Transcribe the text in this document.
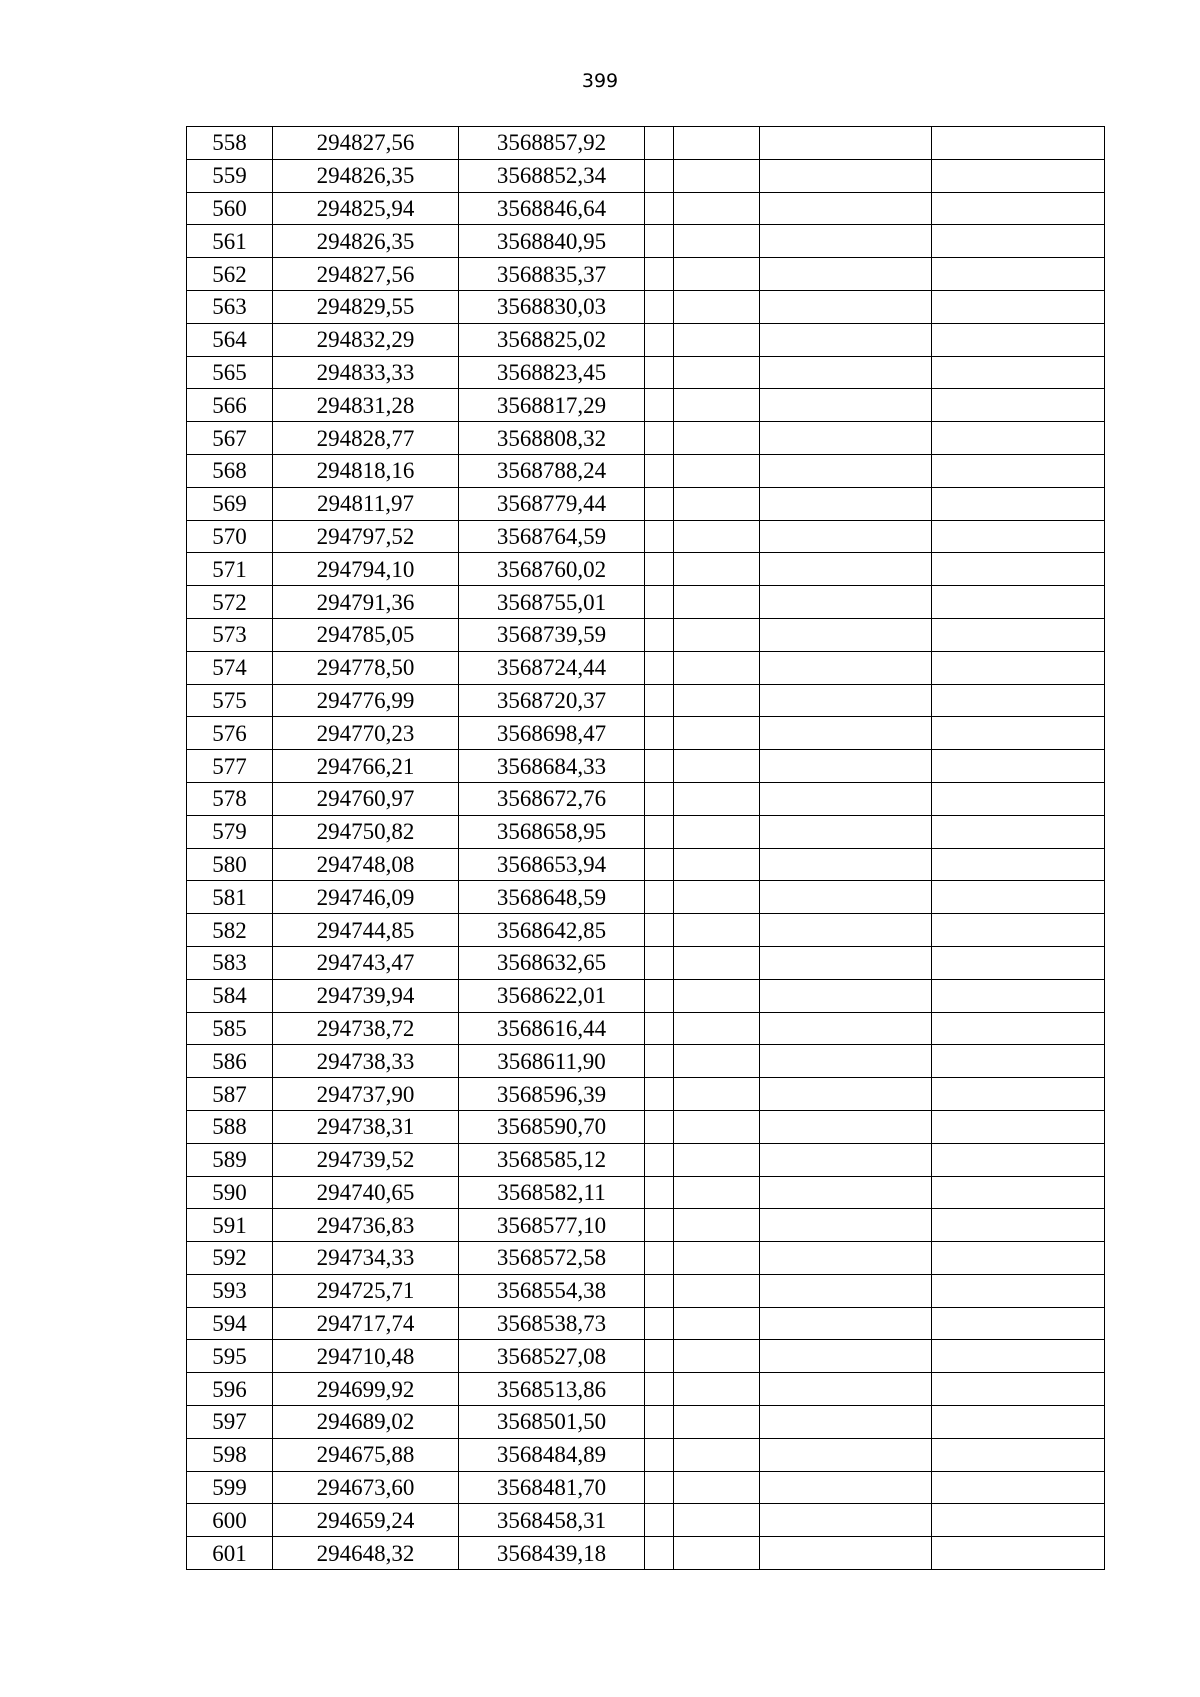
399
558	294827,56	3568857,92				
559	294826,35	3568852,34				
560	294825,94	3568846,64				
561	294826,35	3568840,95				
562	294827,56	3568835,37				
563	294829,55	3568830,03				
564	294832,29	3568825,02				
565	294833,33	3568823,45				
566	294831,28	3568817,29				
567	294828,77	3568808,32				
568	294818,16	3568788,24				
569	294811,97	3568779,44				
570	294797,52	3568764,59				
571	294794,10	3568760,02				
572	294791,36	3568755,01				
573	294785,05	3568739,59				
574	294778,50	3568724,44				
575	294776,99	3568720,37				
576	294770,23	3568698,47				
577	294766,21	3568684,33				
578	294760,97	3568672,76				
579	294750,82	3568658,95				
580	294748,08	3568653,94				
581	294746,09	3568648,59				
582	294744,85	3568642,85				
583	294743,47	3568632,65				
584	294739,94	3568622,01				
585	294738,72	3568616,44				
586	294738,33	3568611,90				
587	294737,90	3568596,39				
588	294738,31	3568590,70				
589	294739,52	3568585,12				
590	294740,65	3568582,11				
591	294736,83	3568577,10				
592	294734,33	3568572,58				
593	294725,71	3568554,38				
594	294717,74	3568538,73				
595	294710,48	3568527,08				
596	294699,92	3568513,86				
597	294689,02	3568501,50				
598	294675,88	3568484,89				
599	294673,60	3568481,70				
600	294659,24	3568458,31				
601	294648,32	3568439,18				
